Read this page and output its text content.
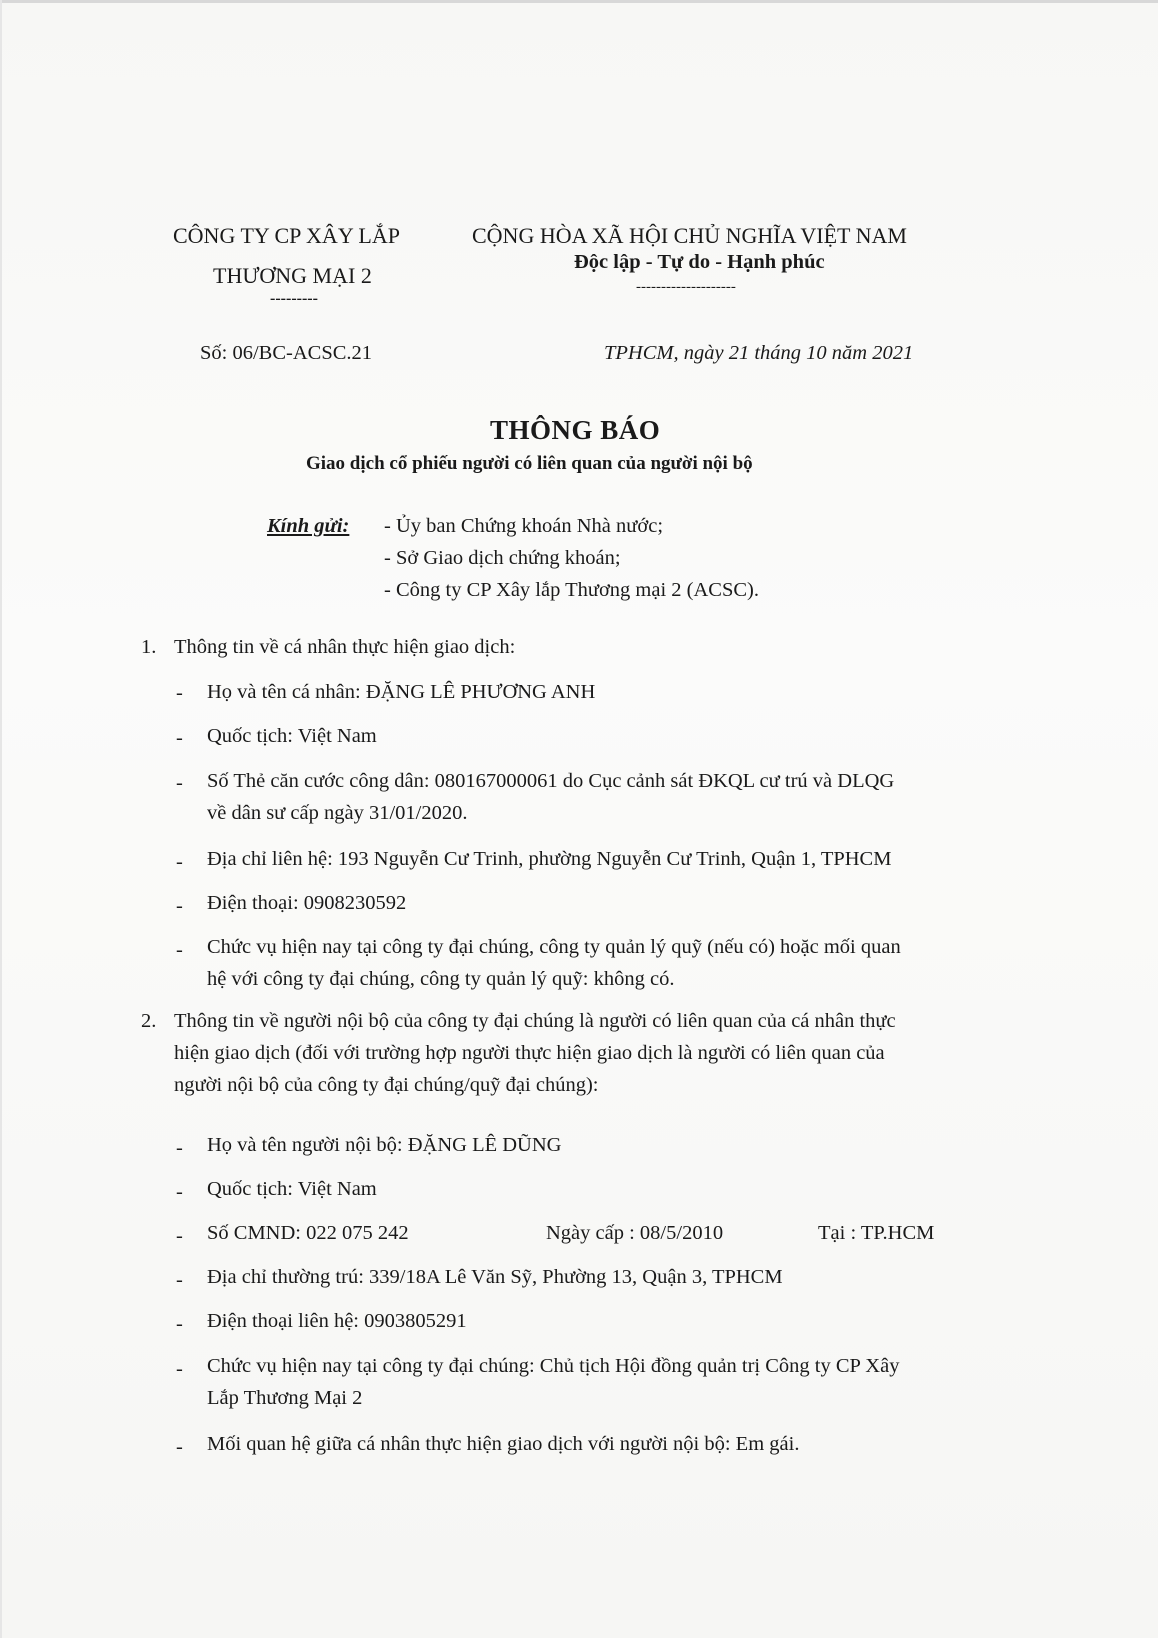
CÔNG TY CP XÂY LẮP
THƯƠNG MẠI 2
---------
CỘNG HÒA XÃ HỘI CHỦ NGHĨA VIỆT NAM
Độc lập - Tự do - Hạnh phúc
--------------------
Số: 06/BC-ACSC.21	TPHCM, ngày 21 tháng 10 năm 2021
THÔNG BÁO
Giao dịch cổ phiếu người có liên quan của người nội bộ
Kính gửi: - Ủy ban Chứng khoán Nhà nước;
- Sở Giao dịch chứng khoán;
- Công ty CP Xây lắp Thương mại 2 (ACSC).
1. Thông tin về cá nhân thực hiện giao dịch:
- Họ và tên cá nhân: ĐẶNG LÊ PHƯƠNG ANH
- Quốc tịch: Việt Nam
- Số Thẻ căn cước công dân: 080167000061 do Cục cảnh sát ĐKQL cư trú và DLQG
về dân sư cấp ngày 31/01/2020.
- Địa chỉ liên hệ: 193 Nguyễn Cư Trinh, phường Nguyễn Cư Trinh, Quận 1, TPHCM
- Điện thoại: 0908230592
- Chức vụ hiện nay tại công ty đại chúng, công ty quản lý quỹ (nếu có) hoặc mối quan
hệ với công ty đại chúng, công ty quản lý quỹ: không có.
2. Thông tin về người nội bộ của công ty đại chúng là người có liên quan của cá nhân thực
hiện giao dịch (đối với trường hợp người thực hiện giao dịch là người có liên quan của
người nội bộ của công ty đại chúng/quỹ đại chúng):
- Họ và tên người nội bộ: ĐẶNG LÊ DŨNG
- Quốc tịch: Việt Nam
- Số CMND: 022 075 242	Ngày cấp : 08/5/2010	Tại : TP.HCM
- Địa chỉ thường trú: 339/18A Lê Văn Sỹ, Phường 13, Quận 3, TPHCM
- Điện thoại liên hệ: 0903805291
- Chức vụ hiện nay tại công ty đại chúng: Chủ tịch Hội đồng quản trị Công ty CP Xây
Lắp Thương Mại 2
- Mối quan hệ giữa cá nhân thực hiện giao dịch với người nội bộ: Em gái.
